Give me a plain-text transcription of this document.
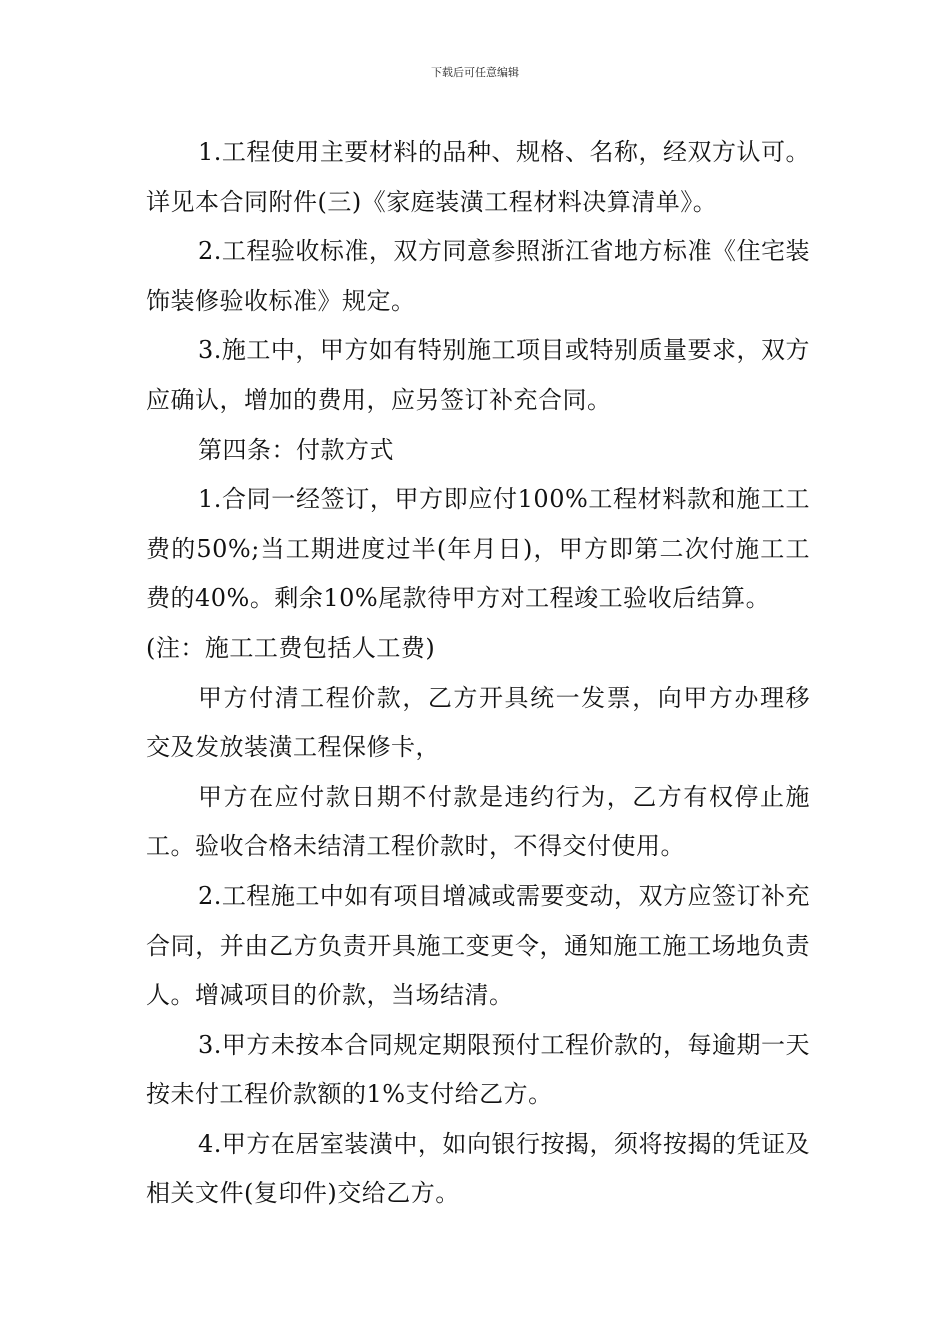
下载后可任意编辑

1.工程使用主要材料的品种、规格、名称，经双方认可。详见本合同附件(三)《家庭装潢工程材料决算清单》。

2.工程验收标准，双方同意参照浙江省地方标准《住宅装饰装修验收标准》规定。

3.施工中，甲方如有特别施工项目或特别质量要求，双方应确认，增加的费用，应另签订补充合同。

第四条：付款方式

1.合同一经签订，甲方即应付100%工程材料款和施工工费的50%;当工期进度过半(年月日)，甲方即第二次付施工工费的40%。剩余10%尾款待甲方对工程竣工验收后结算。

(注：施工工费包括人工费)

甲方付清工程价款，乙方开具统一发票，向甲方办理移交及发放装潢工程保修卡，

甲方在应付款日期不付款是违约行为，乙方有权停止施工。验收合格未结清工程价款时，不得交付使用。

2.工程施工中如有项目增减或需要变动，双方应签订补充合同，并由乙方负责开具施工变更令，通知施工施工场地负责人。增减项目的价款，当场结清。

3.甲方未按本合同规定期限预付工程价款的，每逾期一天按未付工程价款额的1%支付给乙方。

4.甲方在居室装潢中，如向银行按揭，须将按揭的凭证及相关文件(复印件)交给乙方。
